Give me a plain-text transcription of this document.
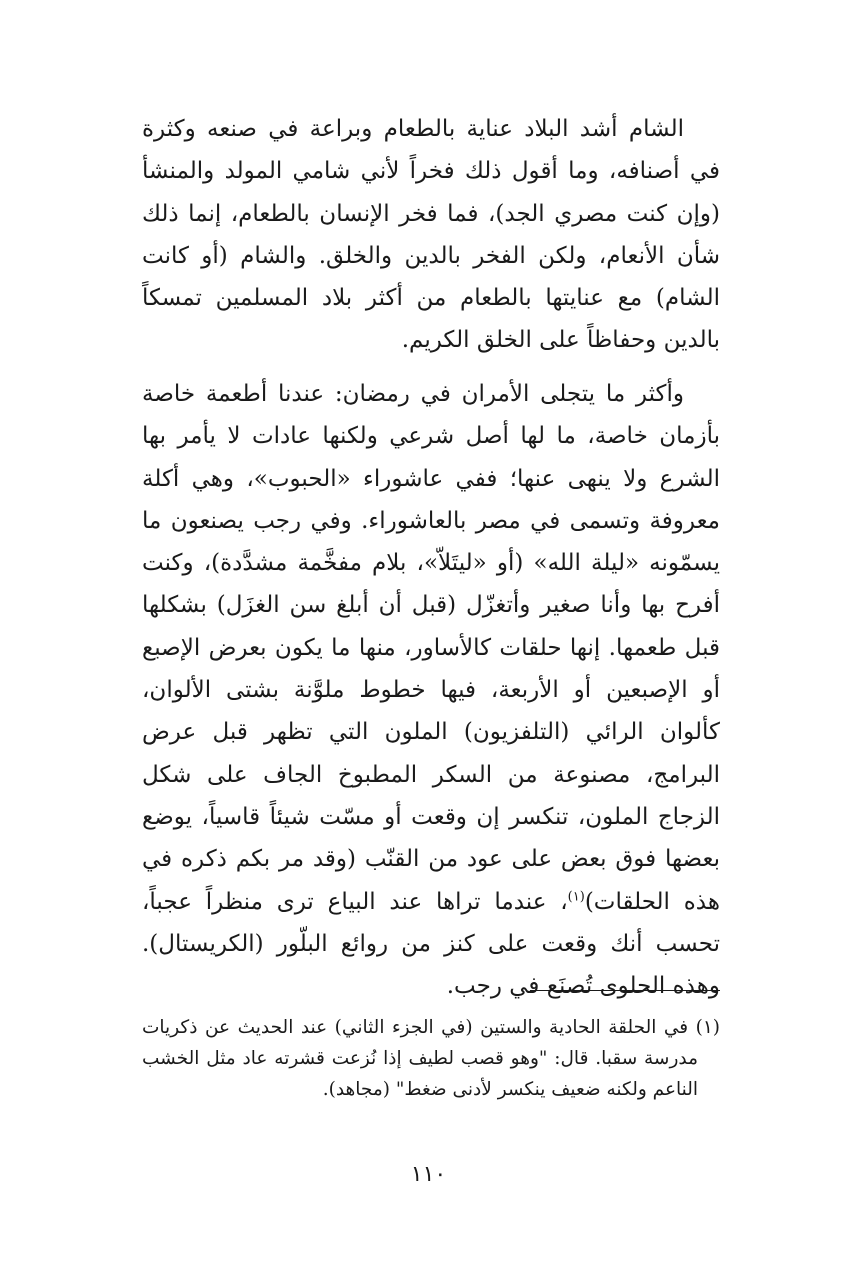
الشام أشد البلاد عناية بالطعام وبراعة في صنعه وكثرة في أصنافه، وما أقول ذلك فخراً لأني شامي المولد والمنشأ (وإن كنت مصري الجد)، فما فخر الإنسان بالطعام، إنما ذلك شأن الأنعام، ولكن الفخر بالدين والخلق. والشام (أو كانت الشام) مع عنايتها بالطعام من أكثر بلاد المسلمين تمسكاً بالدين وحفاظاً على الخلق الكريم.

وأكثر ما يتجلى الأمران في رمضان: عندنا أطعمة خاصة بأزمان خاصة، ما لها أصل شرعي ولكنها عادات لا يأمر بها الشرع ولا ينهى عنها؛ ففي عاشوراء «الحبوب»، وهي أكلة معروفة وتسمى في مصر بالعاشوراء. وفي رجب يصنعون ما يسمّونه «ليلة الله» (أو «ليتَلاّ»، بلام مفخَّمة مشدَّدة)، وكنت أفرح بها وأنا صغير وأتغزّل (قبل أن أبلغ سن الغزَل) بشكلها قبل طعمها. إنها حلقات كالأساور، منها ما يكون بعرض الإصبع أو الإصبعين أو الأربعة، فيها خطوط ملوَّنة بشتى الألوان، كألوان الرائي (التلفزيون) الملون التي تظهر قبل عرض البرامج، مصنوعة من السكر المطبوخ الجاف على شكل الزجاج الملون، تنكسر إن وقعت أو مسّت شيئاً قاسياً، يوضع بعضها فوق بعض على عود من القنّب (وقد مر بكم ذكره في هذه الحلقات)$^{(١)}$، عندما تراها عند البياع ترى منظراً عجباً، تحسب أنك وقعت على كنز من روائع البلّور (الكريستال). وهذه الحلوى تُصنَع في رجب.

(١) في الحلقة الحادية والستين (في الجزء الثاني) عند الحديث عن ذكريات مدرسة سقبا. قال: "وهو قصب لطيف إذا نُزعت قشرته عاد مثل الخشب الناعم ولكنه ضعيف ينكسر لأدنى ضغط" (مجاهد).

١١٠
